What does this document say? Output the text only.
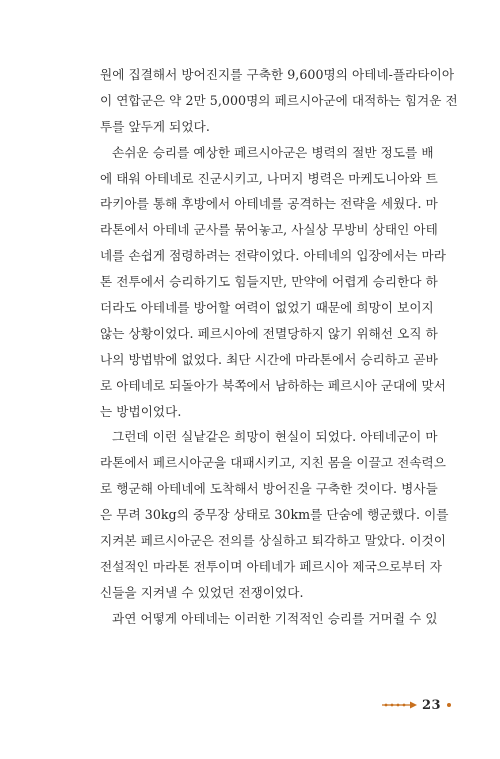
원에 집결해서 방어진지를 구축한 9,600명의 아테네-플라타이아
이 연합군은 약 2만 5,000명의 페르시아군에 대적하는 힘겨운 전
투를 앞두게 되었다.
손쉬운 승리를 예상한 페르시아군은 병력의 절반 정도를 배
에 태워 아테네로 진군시키고, 나머지 병력은 마케도니아와 트
라키아를 통해 후방에서 아테네를 공격하는 전략을 세웠다. 마
라톤에서 아테네 군사를 묶어놓고, 사실상 무방비 상태인 아테
네를 손쉽게 점령하려는 전략이었다. 아테네의 입장에서는 마라
톤 전투에서 승리하기도 힘들지만, 만약에 어렵게 승리한다 하
더라도 아테네를 방어할 여력이 없었기 때문에 희망이 보이지
않는 상황이었다. 페르시아에 전멸당하지 않기 위해선 오직 하
나의 방법밖에 없었다. 최단 시간에 마라톤에서 승리하고 곧바
로 아테네로 되돌아가 북쪽에서 남하하는 페르시아 군대에 맞서
는 방법이었다.
그런데 이런 실낱같은 희망이 현실이 되었다. 아테네군이 마
라톤에서 페르시아군을 대패시키고, 지친 몸을 이끌고 전속력으
로 행군해 아테네에 도착해서 방어진을 구축한 것이다. 병사들
은 무려 30kg의 중무장 상태로 30km를 단숨에 행군했다. 이를
지켜본 페르시아군은 전의를 상실하고 퇴각하고 말았다. 이것이
전설적인 마라톤 전투이며 아테네가 페르시아 제국으로부터 자
신들을 지켜낼 수 있었던 전쟁이었다.
과연 어떻게 아테네는 이러한 기적적인 승리를 거머쥘 수 있
23
